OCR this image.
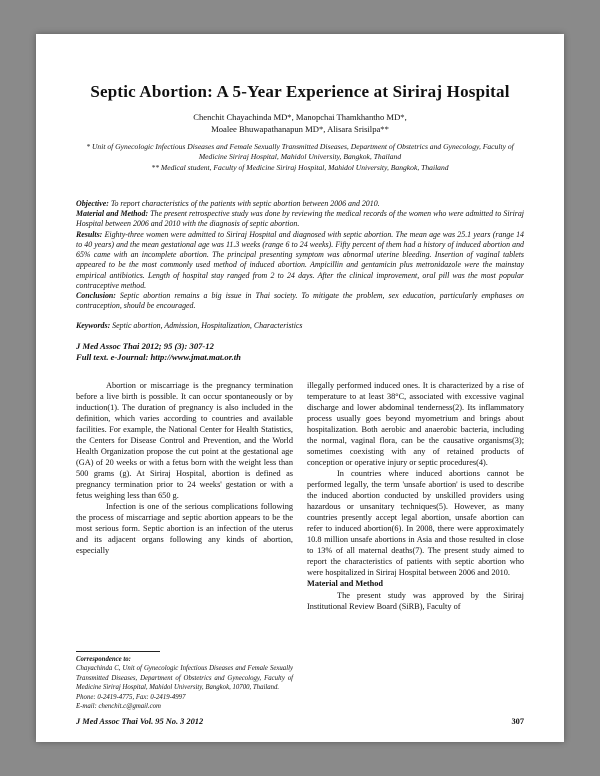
Septic Abortion: A 5-Year Experience at Siriraj Hospital
Chenchit Chayachinda MD*, Manopchai Thamkhantho MD*,
Moalee Bhuwapathanapun MD*, Alisara Srisilpa**
* Unit of Gynecologic Infectious Diseases and Female Sexually Transmitted Diseases, Department of Obstetrics and Gynecology, Faculty of Medicine Siriraj Hospital, Mahidol University, Bangkok, Thailand
** Medical student, Faculty of Medicine Siriraj Hospital, Mahidol University, Bangkok, Thailand

Objective: To report characteristics of the patients with septic abortion between 2006 and 2010.

Material and Method: The present retrospective study was done by reviewing the medical records of the women who were admitted to Siriraj Hospital between 2006 and 2010 with the diagnosis of septic abortion.

Results: Eighty-three women were admitted to Siriraj Hospital and diagnosed with septic abortion. The mean age was 25.1 years (range 14 to 40 years) and the mean gestational age was 11.3 weeks (range 6 to 24 weeks). Fifty percent of them had a history of induced abortion and 65% came with an incomplete abortion. The principal presenting symptom was abnormal uterine bleeding. Insertion of vaginal tablets appeared to be the most commonly used method of induced abortion. Ampicillin and gentamicin plus metronidazole were the mainstay empirical antibiotics. Length of hospital stay ranged from 2 to 24 days. After the clinical improvement, oral pill was the most popular contraceptive method.

Conclusion: Septic abortion remains a big issue in Thai society. To mitigate the problem, sex education, particularly emphases on contraception, should be encouraged.

Keywords: Septic abortion, Admission, Hospitalization, Characteristics
J Med Assoc Thai 2012; 95 (3): 307-12
Full text. e-Journal: http://www.jmat.mat.or.th

Abortion or miscarriage is the pregnancy termination before a live birth is possible. It can occur spontaneously or by induction(1). The duration of pregnancy is also included in the definition, which varies according to countries and available facilities. For example, the National Center for Health Statistics, the Centers for Disease Control and Prevention, and the World Health Organization propose the cut point at the gestational age (GA) of 20 weeks or with a fetus born with the weight less than 500 grams (g). At Siriraj Hospital, abortion is defined as pregnancy termination prior to 24 weeks' gestation or with a fetus weighing less than 650 g.

Infection is one of the serious complications following the process of miscarriage and septic abortion appears to be the most serious form. Septic abortion is an infection of the uterus and its adjacent organs following any kinds of abortion, especially

Correspondence to:
Chayachinda C, Unit of Gynecologic Infectious Diseases and Female Sexually Transmitted Diseases, Department of Obstetrics and Gynecology, Faculty of Medicine Siriraj Hospital, Mahidol University, Bangkok, 10700, Thailand.
Phone: 0-2419-4775, Fax: 0-2419-4997
E-mail: chenchit.c@gmail.com

illegally performed induced ones. It is characterized by a rise of temperature to at least 38°C, associated with excessive vaginal discharge and lower abdominal tenderness(2). Its inflammatory process usually goes beyond myometrium and brings about hospitalization. Both aerobic and anaerobic bacteria, including the normal, vaginal flora, can be the causative organisms(3); sometimes coexisting with any of retained products of conception or operative injury or septic procedures(4).

In countries where induced abortions cannot be performed legally, the term 'unsafe abortion' is used to describe the induced abortion conducted by unskilled providers using hazardous or unsanitary techniques(5). However, as many countries presently accept legal abortion, unsafe abortion can refer to induced abortion(6). In 2008, there were approximately 10.8 million unsafe abortions in Asia and those resulted in close to 13% of all maternal deaths(7). The present study aimed to report the characteristics of patients with septic abortion who were hospitalized in Siriraj Hospital between 2006 and 2010.

Material and Method

The present study was approved by the Siriraj Institutional Review Board (SiRB), Faculty of

J Med Assoc Thai Vol. 95 No. 3 2012	307
